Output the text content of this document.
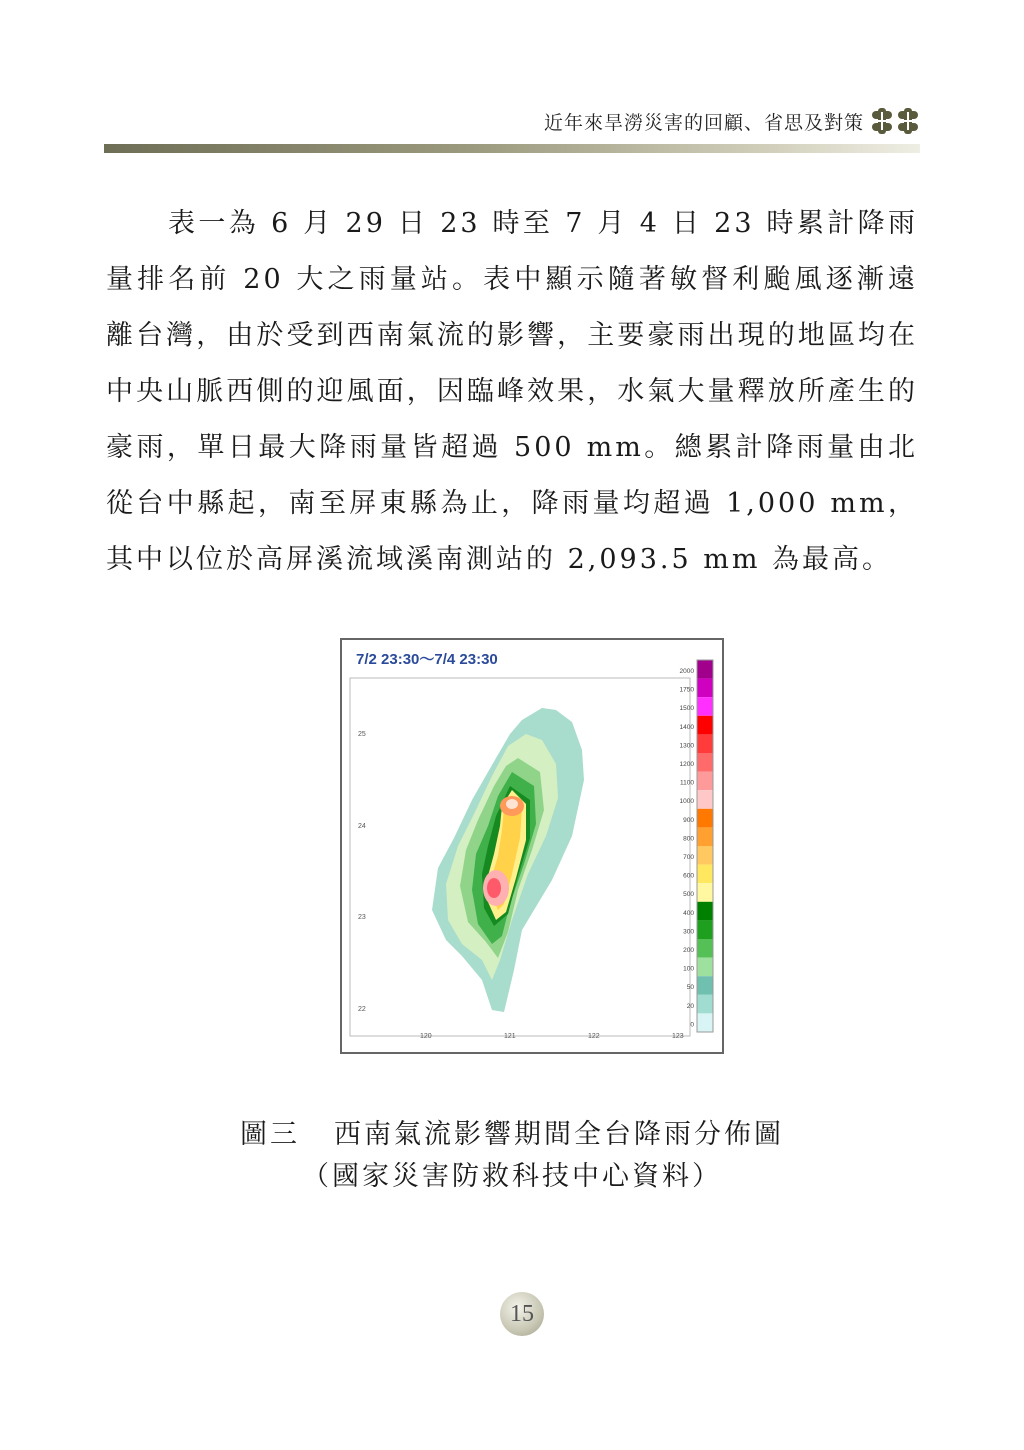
近年來旱澇災害的回顧、省思及對策

表一為 6 月 29 日 23 時至 7 月 4 日 23 時累計降雨量排名前 20 大之雨量站。表中顯示隨著敏督利颱風逐漸遠離台灣，由於受到西南氣流的影響，主要豪雨出現的地區均在中央山脈西側的迎風面，因臨峰效果，水氣大量釋放所產生的豪雨，單日最大降雨量皆超過 500 mm。總累計降雨量由北從台中縣起，南至屏東縣為止，降雨量均超過 1,000 mm，其中以位於高屏溪流域溪南測站的 2,093.5 mm 為最高。

25
24
23
22
120	121	122	123
2000
1750
1500
1400
1300
1200
1100
1000
900
800
700
600
500
400
300
200
100
50
20
0
7/2 23:30～7/4 23:30
圖三 西南氣流影響期間全台降雨分佈圖
（國家災害防救科技中心資料）
15
